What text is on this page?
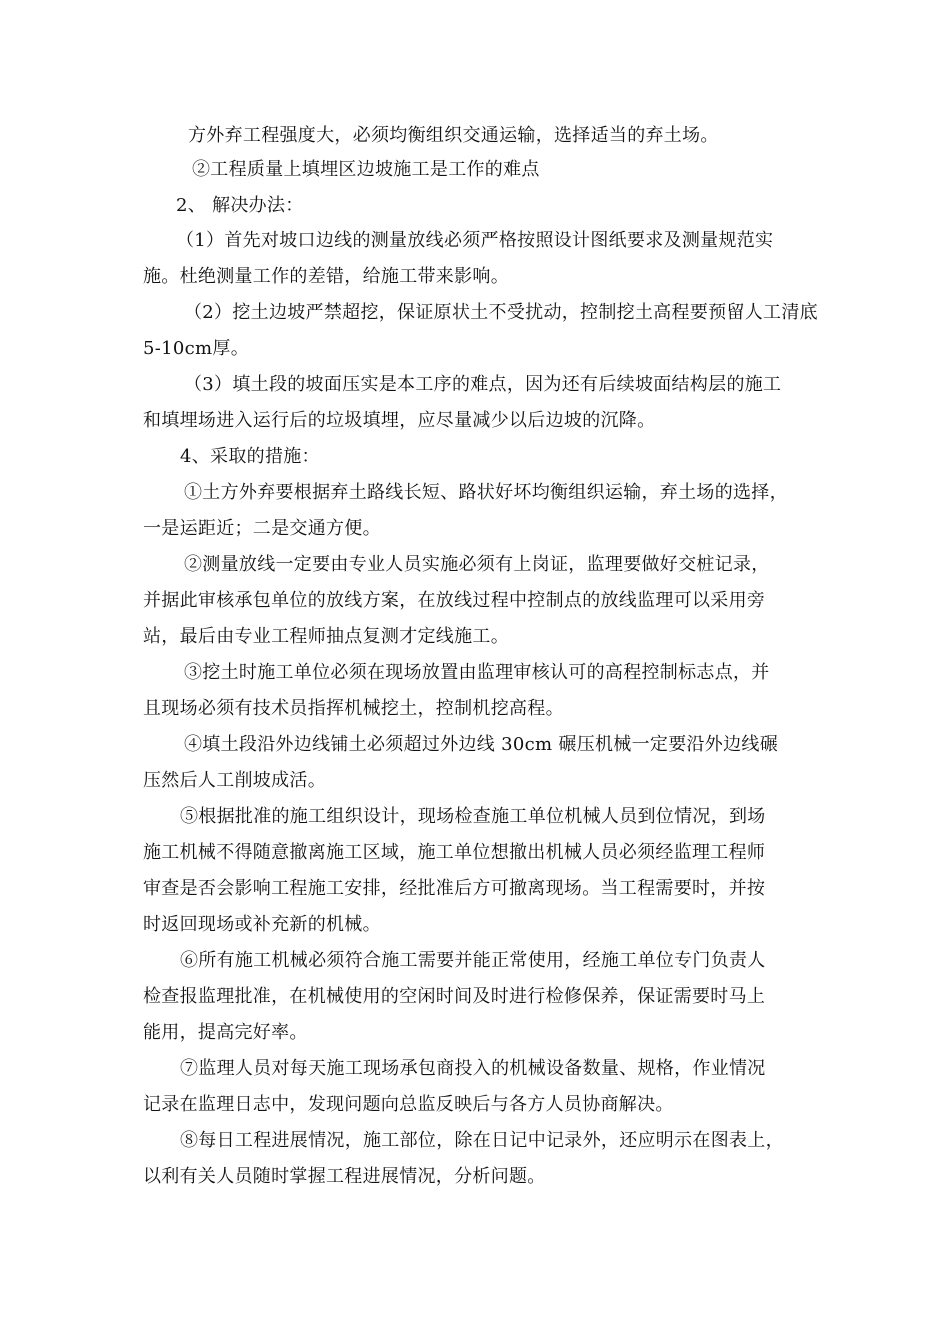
方外弃工程强度大，必须均衡组织交通运输，选择适当的弃土场。
②工程质量上填埋区边坡施工是工作的难点
2、 解决办法：
（1）首先对坡口边线的测量放线必须严格按照设计图纸要求及测量规范实
施。杜绝测量工作的差错，给施工带来影响。
（2）挖土边坡严禁超挖，保证原状土不受扰动，控制挖土高程要预留人工清底
5-10cm厚。
（3）填土段的坡面压实是本工序的难点，因为还有后续坡面结构层的施工
和填埋场进入运行后的垃圾填埋，应尽量减少以后边坡的沉降。
4、采取的措施：
①土方外弃要根据弃土路线长短、路状好坏均衡组织运输，弃土场的选择，
一是运距近；二是交通方便。
②测量放线一定要由专业人员实施必须有上岗证，监理要做好交桩记录，
并据此审核承包单位的放线方案，在放线过程中控制点的放线监理可以采用旁
站，最后由专业工程师抽点复测才定线施工。
③挖土时施工单位必须在现场放置由监理审核认可的高程控制标志点，并
且现场必须有技术员指挥机械挖土，控制机挖高程。
④填土段沿外边线铺土必须超过外边线 30cm 碾压机械一定要沿外边线碾
压然后人工削坡成活。
⑤根据批准的施工组织设计，现场检查施工单位机械人员到位情况，到场
施工机械不得随意撤离施工区域，施工单位想撤出机械人员必须经监理工程师
审查是否会影响工程施工安排，经批准后方可撤离现场。当工程需要时，并按
时返回现场或补充新的机械。
⑥所有施工机械必须符合施工需要并能正常使用，经施工单位专门负责人
检查报监理批准，在机械使用的空闲时间及时进行检修保养，保证需要时马上
能用，提高完好率。
⑦监理人员对每天施工现场承包商投入的机械设备数量、规格，作业情况
记录在监理日志中，发现问题向总监反映后与各方人员协商解决。
⑧每日工程进展情况，施工部位，除在日记中记录外，还应明示在图表上，
以利有关人员随时掌握工程进展情况，分析问题。
